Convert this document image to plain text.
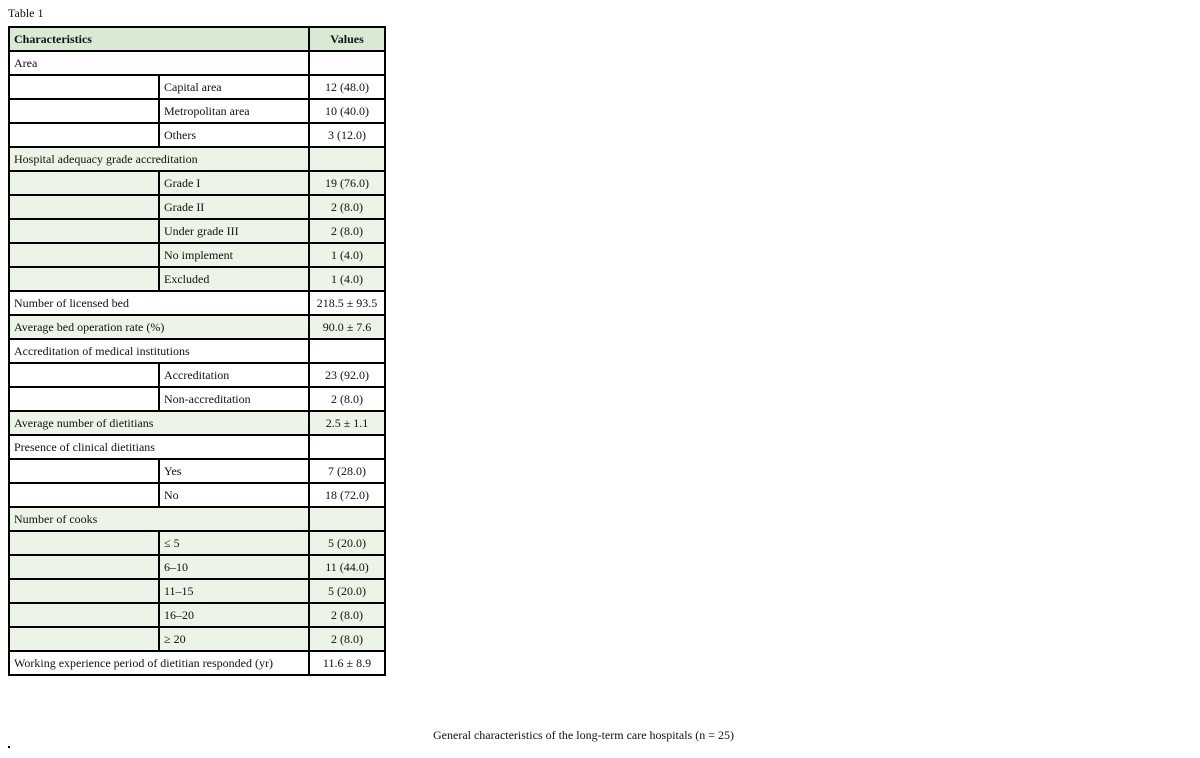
Table 1
Characteristics		Values
Area		
	Capital area	12 (48.0)
	Metropolitan area	10 (40.0)
	Others	3 (12.0)
Hospital adequacy grade accreditation		
	Grade I	19 (76.0)
	Grade II	2 (8.0)
	Under grade III	2 (8.0)
	No implement	1 (4.0)
	Excluded	1 (4.0)
Number of licensed bed		218.5 ± 93.5
Average bed operation rate (%)		90.0 ± 7.6
Accreditation of medical institutions		
	Accreditation	23 (92.0)
	Non-accreditation	2 (8.0)
Average number of dietitians		2.5 ± 1.1
Presence of clinical dietitians		
	Yes	7 (28.0)
	No	18 (72.0)
Number of cooks		
	≤ 5	5 (20.0)
	6–10	11 (44.0)
	11–15	5 (20.0)
	16–20	2 (8.0)
	≥ 20	2 (8.0)
Working experience period of dietitian responded (yr)		11.6 ± 8.9
General characteristics of the long-term care hospitals (n = 25)
